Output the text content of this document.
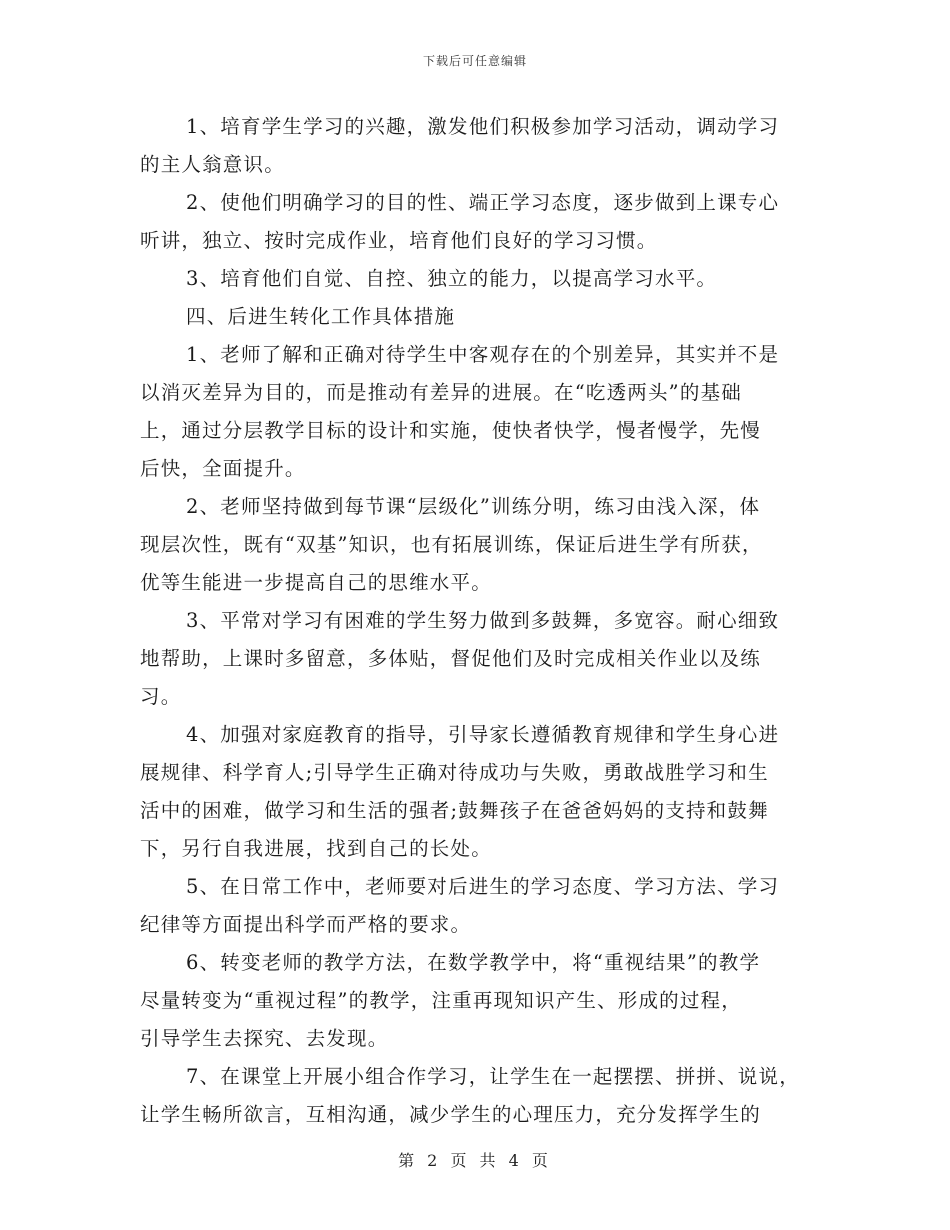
下载后可任意编辑
1、培育学生学习的兴趣，激发他们积极参加学习活动，调动学习
的主人翁意识。
2、使他们明确学习的目的性、端正学习态度，逐步做到上课专心
听讲，独立、按时完成作业，培育他们良好的学习习惯。
3、培育他们自觉、自控、独立的能力，以提高学习水平。
四、后进生转化工作具体措施
1、老师了解和正确对待学生中客观存在的个别差异，其实并不是
以消灭差异为目的，而是推动有差异的进展。在“吃透两头”的基础
上，通过分层教学目标的设计和实施，使快者快学，慢者慢学，先慢
后快，全面提升。
2、老师坚持做到每节课“层级化”训练分明，练习由浅入深，体
现层次性，既有“双基”知识，也有拓展训练，保证后进生学有所获，
优等生能进一步提高自己的思维水平。
3、平常对学习有困难的学生努力做到多鼓舞，多宽容。耐心细致
地帮助，上课时多留意，多体贴，督促他们及时完成相关作业以及练
习。
4、加强对家庭教育的指导，引导家长遵循教育规律和学生身心进
展规律、科学育人;引导学生正确对待成功与失败，勇敢战胜学习和生
活中的困难，做学习和生活的强者;鼓舞孩子在爸爸妈妈的支持和鼓舞
下，另行自我进展，找到自己的长处。
5、在日常工作中，老师要对后进生的学习态度、学习方法、学习
纪律等方面提出科学而严格的要求。
6、转变老师的教学方法，在数学教学中，将“重视结果”的教学
尽量转变为“重视过程”的教学，注重再现知识产生、形成的过程，
引导学生去探究、去发现。
7、在课堂上开展小组合作学习，让学生在一起摆摆、拼拼、说说，
让学生畅所欲言，互相沟通，减少学生的心理压力，充分发挥学生的
第 2 页 共 4 页
